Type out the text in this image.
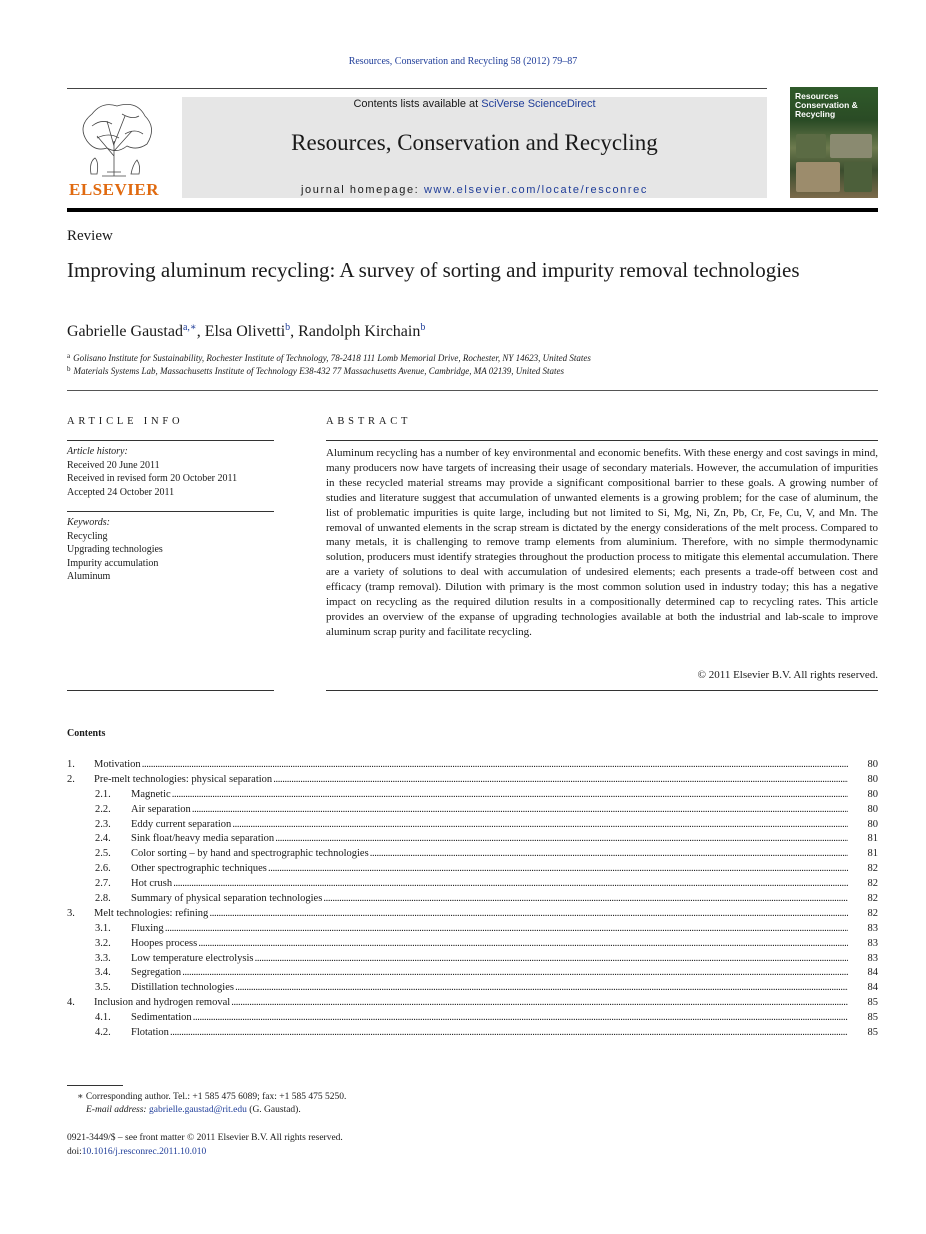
Resources, Conservation and Recycling 58 (2012) 79–87
ELSEVIER
Contents lists available at SciVerse ScienceDirect
Resources, Conservation and Recycling
journal homepage: www.elsevier.com/locate/resconrec
Resources
Conservation &
Recycling
Review
Improving aluminum recycling: A survey of sorting and impurity removal technologies
Gabrielle Gaustad$^{a,∗}$, Elsa Olivetti$^b$, Randolph Kirchain$^b$
$^a$ Golisano Institute for Sustainability, Rochester Institute of Technology, 78-2418 111 Lomb Memorial Drive, Rochester, NY 14623, United States
$^b$ Materials Systems Lab, Massachusetts Institute of Technology E38-432 77 Massachusetts Avenue, Cambridge, MA 02139, United States
ARTICLE INFO
Article history:
Received 20 June 2011
Received in revised form 20 October 2011
Accepted 24 October 2011
Keywords:
Recycling
Upgrading technologies
Impurity accumulation
Aluminum
ABSTRACT
Aluminum recycling has a number of key environmental and economic benefits. With these energy and cost savings in mind, many producers now have targets of increasing their usage of secondary materials. However, the accumulation of impurities in these recycled material streams may provide a significant compositional barrier to these goals. A growing number of studies and literature suggest that accumulation of unwanted elements is a growing problem; for the case of aluminum, the list of problematic impurities is quite large, including but not limited to Si, Mg, Ni, Zn, Pb, Cr, Fe, Cu, V, and Mn. The removal of unwanted elements in the scrap stream is dictated by the energy considerations of the melt process. Compared to many metals, it is challenging to remove tramp elements from aluminium. Therefore, with no simple thermodynamic solution, producers must identify strategies throughout the production process to mitigate this elemental accumulation. There are a variety of solutions to deal with accumulation of undesired elements; each presents a trade-off between cost and efficacy (tramp removal). Dilution with primary is the most common solution used in industry today; this has a negative impact on recycling as the required dilution results in a compositionally determined cap to recycling rates. This article provides an overview of the expanse of upgrading technologies available at both the industrial and lab-scale to improve aluminum scrap purity and facilitate recycling.
© 2011 Elsevier B.V. All rights reserved.
Contents
1. Motivation . . .	80
2. Pre-melt technologies: physical separation . . .	80
2.1. Magnetic . . .	80
2.2. Air separation . . .	80
2.3. Eddy current separation . . .	80
2.4. Sink float/heavy media separation . . .	81
2.5. Color sorting – by hand and spectrographic technologies . . .	81
2.6. Other spectrographic techniques . . .	82
2.7. Hot crush . . .	82
2.8. Summary of physical separation technologies . . .	82
3. Melt technologies: refining . . .	82
3.1. Fluxing . . .	83
3.2. Hoopes process . . .	83
3.3. Low temperature electrolysis . . .	83
3.4. Segregation . . .	84
3.5. Distillation technologies . . .	84
4. Inclusion and hydrogen removal . . .	85
4.1. Sedimentation . . .	85
4.2. Flotation . . .	85
∗ Corresponding author. Tel.: +1 585 475 6089; fax: +1 585 475 5250.
E-mail address: gabrielle.gaustad@rit.edu (G. Gaustad).
0921-3449/$ – see front matter © 2011 Elsevier B.V. All rights reserved.
doi:10.1016/j.resconrec.2011.10.010
